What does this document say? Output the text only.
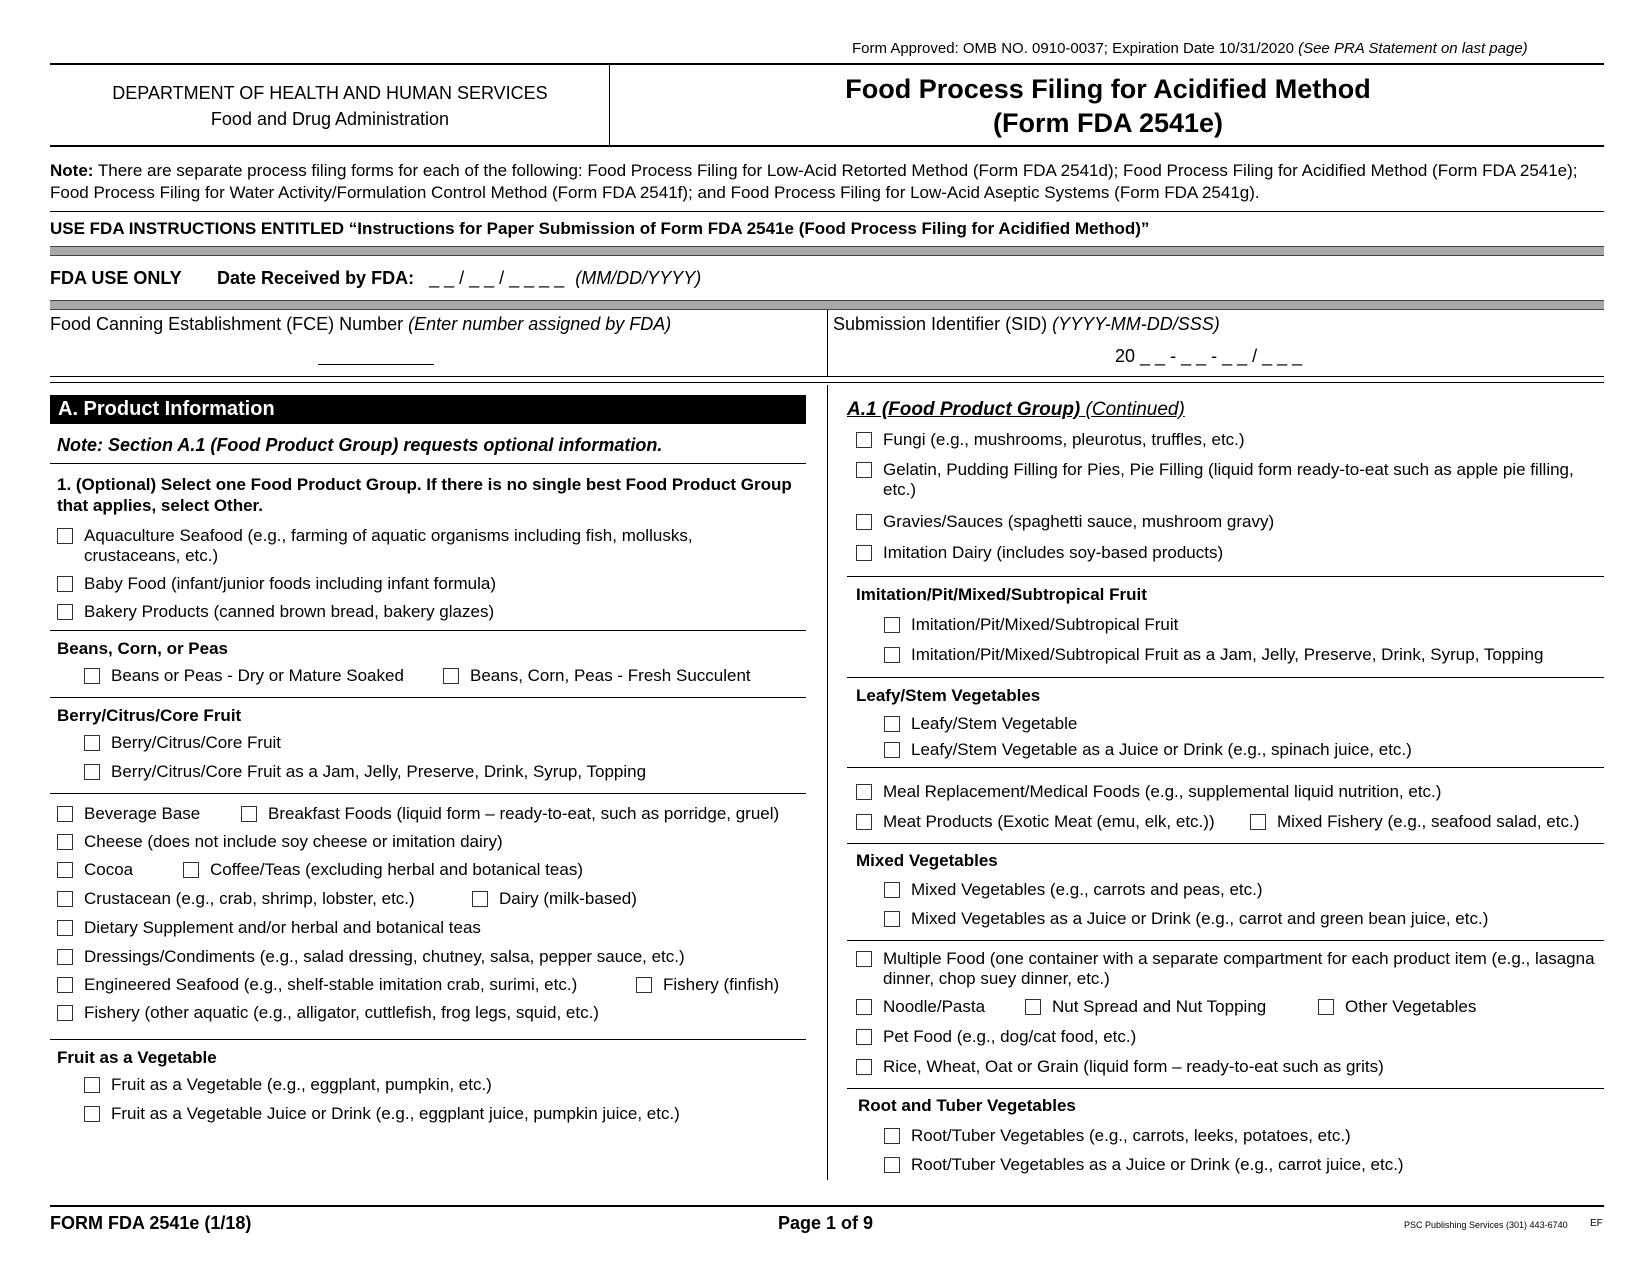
Form Approved: OMB NO. 0910-0037; Expiration Date 10/31/2020 (See PRA Statement on last page)
DEPARTMENT OF HEALTH AND HUMAN SERVICES
Food and Drug Administration
Food Process Filing for Acidified Method
(Form FDA 2541e)
Note: There are separate process filing forms for each of the following: Food Process Filing for Low-Acid Retorted Method (Form FDA 2541d); Food Process Filing for Acidified Method (Form FDA 2541e); Food Process Filing for Water Activity/Formulation Control Method (Form FDA 2541f); and Food Process Filing for Low-Acid Aseptic Systems (Form FDA 2541g).
USE FDA INSTRUCTIONS ENTITLED “Instructions for Paper Submission of Form FDA 2541e (Food Process Filing for Acidified Method)”
FDA USE ONLY Date Received by FDA: _ _ / _ _ / _ _ _ _ (MM/DD/YYYY)
Food Canning Establishment (FCE) Number (Enter number assigned by FDA)	Submission Identifier (SID) (YYYY-MM-DD/SSS)
20 _ _ - _ _ - _ _ / _ _ _
A. Product Information
Note: Section A.1 (Food Product Group) requests optional information.
1. (Optional) Select one Food Product Group. If there is no single best Food Product Group that applies, select Other.
Aquaculture Seafood (e.g., farming of aquatic organisms including fish, mollusks, crustaceans, etc.)
Baby Food (infant/junior foods including infant formula)
Bakery Products (canned brown bread, bakery glazes)
Beans, Corn, or Peas
Beans or Peas - Dry or Mature Soaked	Beans, Corn, Peas - Fresh Succulent
Berry/Citrus/Core Fruit
Berry/Citrus/Core Fruit
Berry/Citrus/Core Fruit as a Jam, Jelly, Preserve, Drink, Syrup, Topping
Beverage Base	Breakfast Foods (liquid form – ready-to-eat, such as porridge, gruel)
Cheese (does not include soy cheese or imitation dairy)
Cocoa	Coffee/Teas (excluding herbal and botanical teas)
Crustacean (e.g., crab, shrimp, lobster, etc.)	Dairy (milk-based)
Dietary Supplement and/or herbal and botanical teas
Dressings/Condiments (e.g., salad dressing, chutney, salsa, pepper sauce, etc.)
Engineered Seafood (e.g., shelf-stable imitation crab, surimi, etc.)	Fishery (finfish)
Fishery (other aquatic (e.g., alligator, cuttlefish, frog legs, squid, etc.)
Fruit as a Vegetable
Fruit as a Vegetable (e.g., eggplant, pumpkin, etc.)
Fruit as a Vegetable Juice or Drink (e.g., eggplant juice, pumpkin juice, etc.)
A.1 (Food Product Group) (Continued)
Fungi (e.g., mushrooms, pleurotus, truffles, etc.)
Gelatin, Pudding Filling for Pies, Pie Filling (liquid form ready-to-eat such as apple pie filling, etc.)
Gravies/Sauces (spaghetti sauce, mushroom gravy)
Imitation Dairy (includes soy-based products)
Imitation/Pit/Mixed/Subtropical Fruit
Imitation/Pit/Mixed/Subtropical Fruit
Imitation/Pit/Mixed/Subtropical Fruit as a Jam, Jelly, Preserve, Drink, Syrup, Topping
Leafy/Stem Vegetables
Leafy/Stem Vegetable
Leafy/Stem Vegetable as a Juice or Drink (e.g., spinach juice, etc.)
Meal Replacement/Medical Foods (e.g., supplemental liquid nutrition, etc.)
Meat Products (Exotic Meat (emu, elk, etc.))	Mixed Fishery (e.g., seafood salad, etc.)
Mixed Vegetables
Mixed Vegetables (e.g., carrots and peas, etc.)
Mixed Vegetables as a Juice or Drink (e.g., carrot and green bean juice, etc.)
Multiple Food (one container with a separate compartment for each product item (e.g., lasagna dinner, chop suey dinner, etc.)
Noodle/Pasta	Nut Spread and Nut Topping	Other Vegetables
Pet Food (e.g., dog/cat food, etc.)
Rice, Wheat, Oat or Grain (liquid form – ready-to-eat such as grits)
Root and Tuber Vegetables
Root/Tuber Vegetables (e.g., carrots, leeks, potatoes, etc.)
Root/Tuber Vegetables as a Juice or Drink (e.g., carrot juice, etc.)
FORM FDA 2541e (1/18)	Page 1 of 9	PSC Publishing Services (301) 443-6740 EF
